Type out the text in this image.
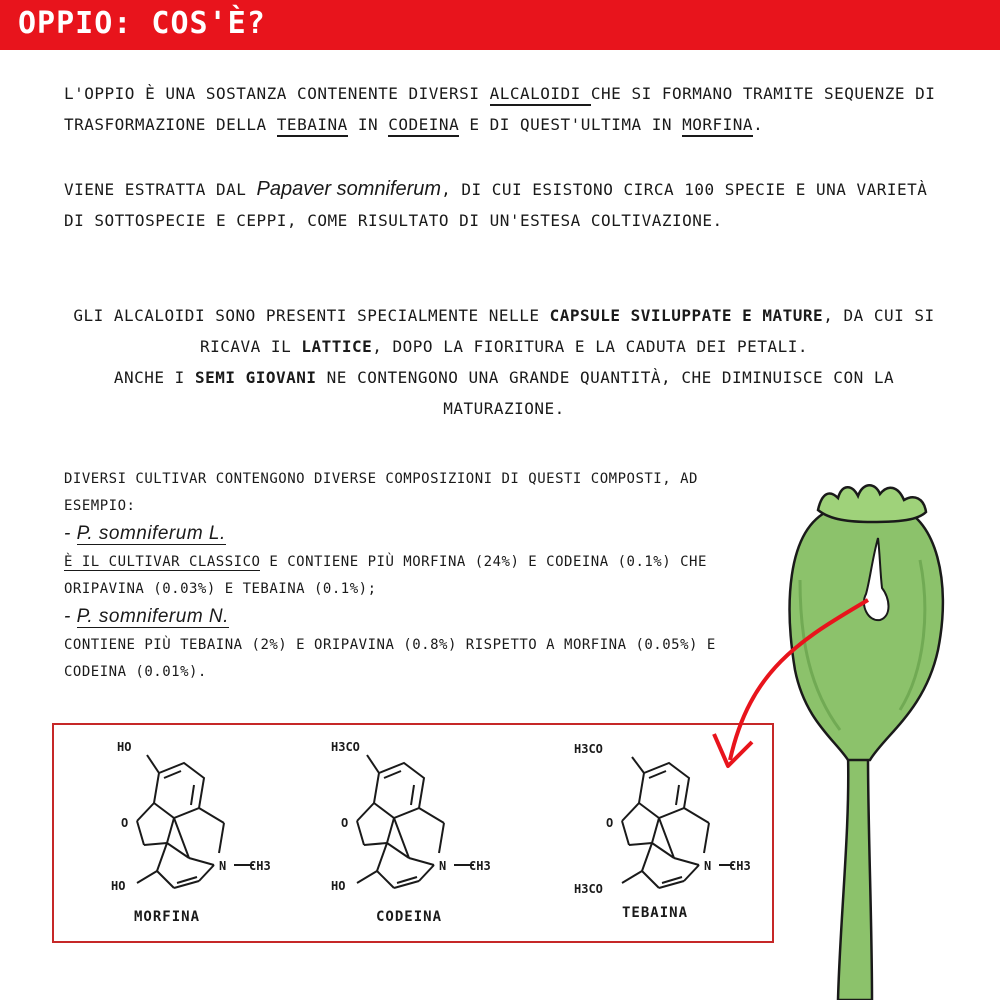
OPPIO: COS'È?
L'OPPIO È UNA SOSTANZA CONTENENTE DIVERSI ALCALOIDI CHE SI FORMANO TRAMITE SEQUENZE DI TRASFORMAZIONE DELLA TEBAINA IN CODEINA E DI QUEST'ULTIMA IN MORFINA.
VIENE ESTRATTA DAL Papaver somniferum, DI CUI ESISTONO CIRCA 100 SPECIE E UNA VARIETÀ DI SOTTOSPECIE E CEPPI, COME RISULTATO DI UN'ESTESA COLTIVAZIONE.
GLI ALCALOIDI SONO PRESENTI SPECIALMENTE NELLE CAPSULE SVILUPPATE E MATURE, DA CUI SI RICAVA IL LATTICE, DOPO LA FIORITURA E LA CADUTA DEI PETALI.
ANCHE I SEMI GIOVANI NE CONTENGONO UNA GRANDE QUANTITÀ, CHE DIMINUISCE CON LA MATURAZIONE.
DIVERSI CULTIVAR CONTENGONO DIVERSE COMPOSIZIONI DI QUESTI COMPOSTI, AD ESEMPIO:
- P. somniferum L.
È IL CULTIVAR CLASSICO E CONTIENE PIÙ MORFINA (24%) E CODEINA (0.1%) CHE ORIPAVINA (0.03%) E TEBAINA (0.1%);
- P. somniferum N.
CONTIENE PIÙ TEBAINA (2%) E ORIPAVINA (0.8%) RISPETTO A MORFINA (0.05%) E CODEINA (0.01%).
HO
O
N CH3
HO
MORFINA
H3CO
O
N CH3
HO
CODEINA
H3CO
O
N CH3
H3CO
TEBAINA
